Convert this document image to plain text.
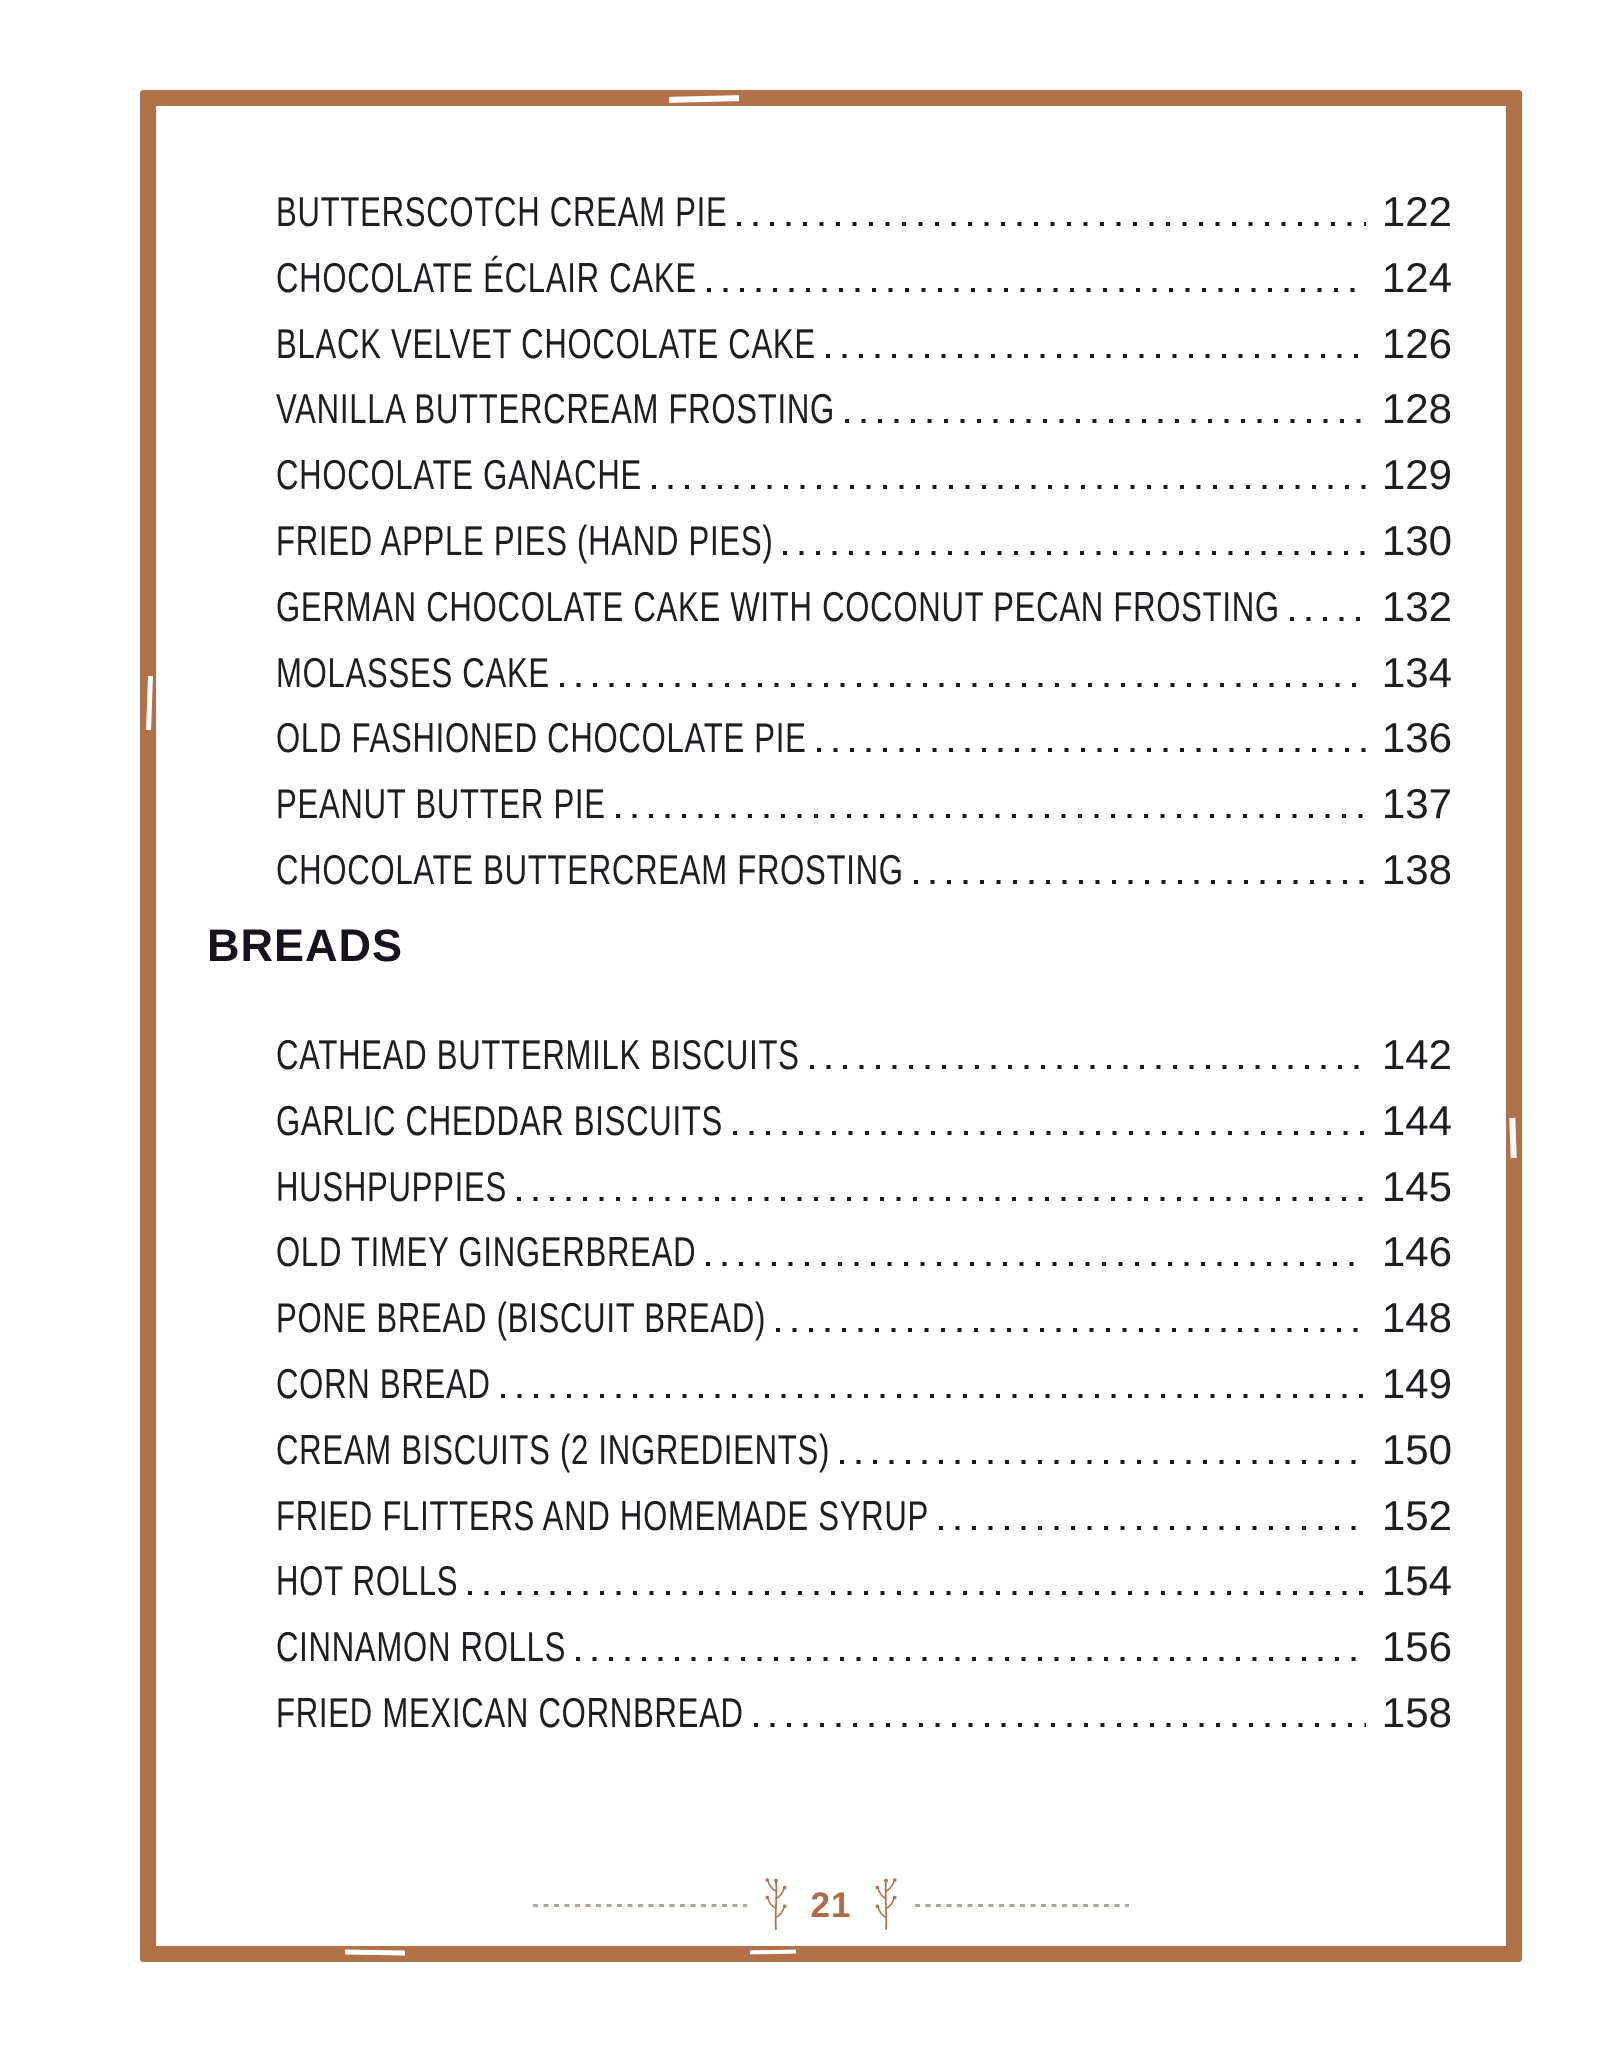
BUTTERSCOTCH CREAM PIE	122
CHOCOLATE ÉCLAIR CAKE	124
BLACK VELVET CHOCOLATE CAKE	126
VANILLA BUTTERCREAM FROSTING	128
CHOCOLATE GANACHE	129
FRIED APPLE PIES (HAND PIES)	130
GERMAN CHOCOLATE CAKE WITH COCONUT PECAN FROSTING 132
MOLASSES CAKE	134
OLD FASHIONED CHOCOLATE PIE	136
PEANUT BUTTER PIE	137
CHOCOLATE BUTTERCREAM FROSTING	138
BREADS
CATHEAD BUTTERMILK BISCUITS	142
GARLIC CHEDDAR BISCUITS	144
HUSHPUPPIES	145
OLD TIMEY GINGERBREAD	146
PONE BREAD (BISCUIT BREAD)	148
CORN BREAD	149
CREAM BISCUITS (2 INGREDIENTS)	150
FRIED FLITTERS AND HOMEMADE SYRUP	152
HOT ROLLS	154
CINNAMON ROLLS	156
FRIED MEXICAN CORNBREAD	158
21
